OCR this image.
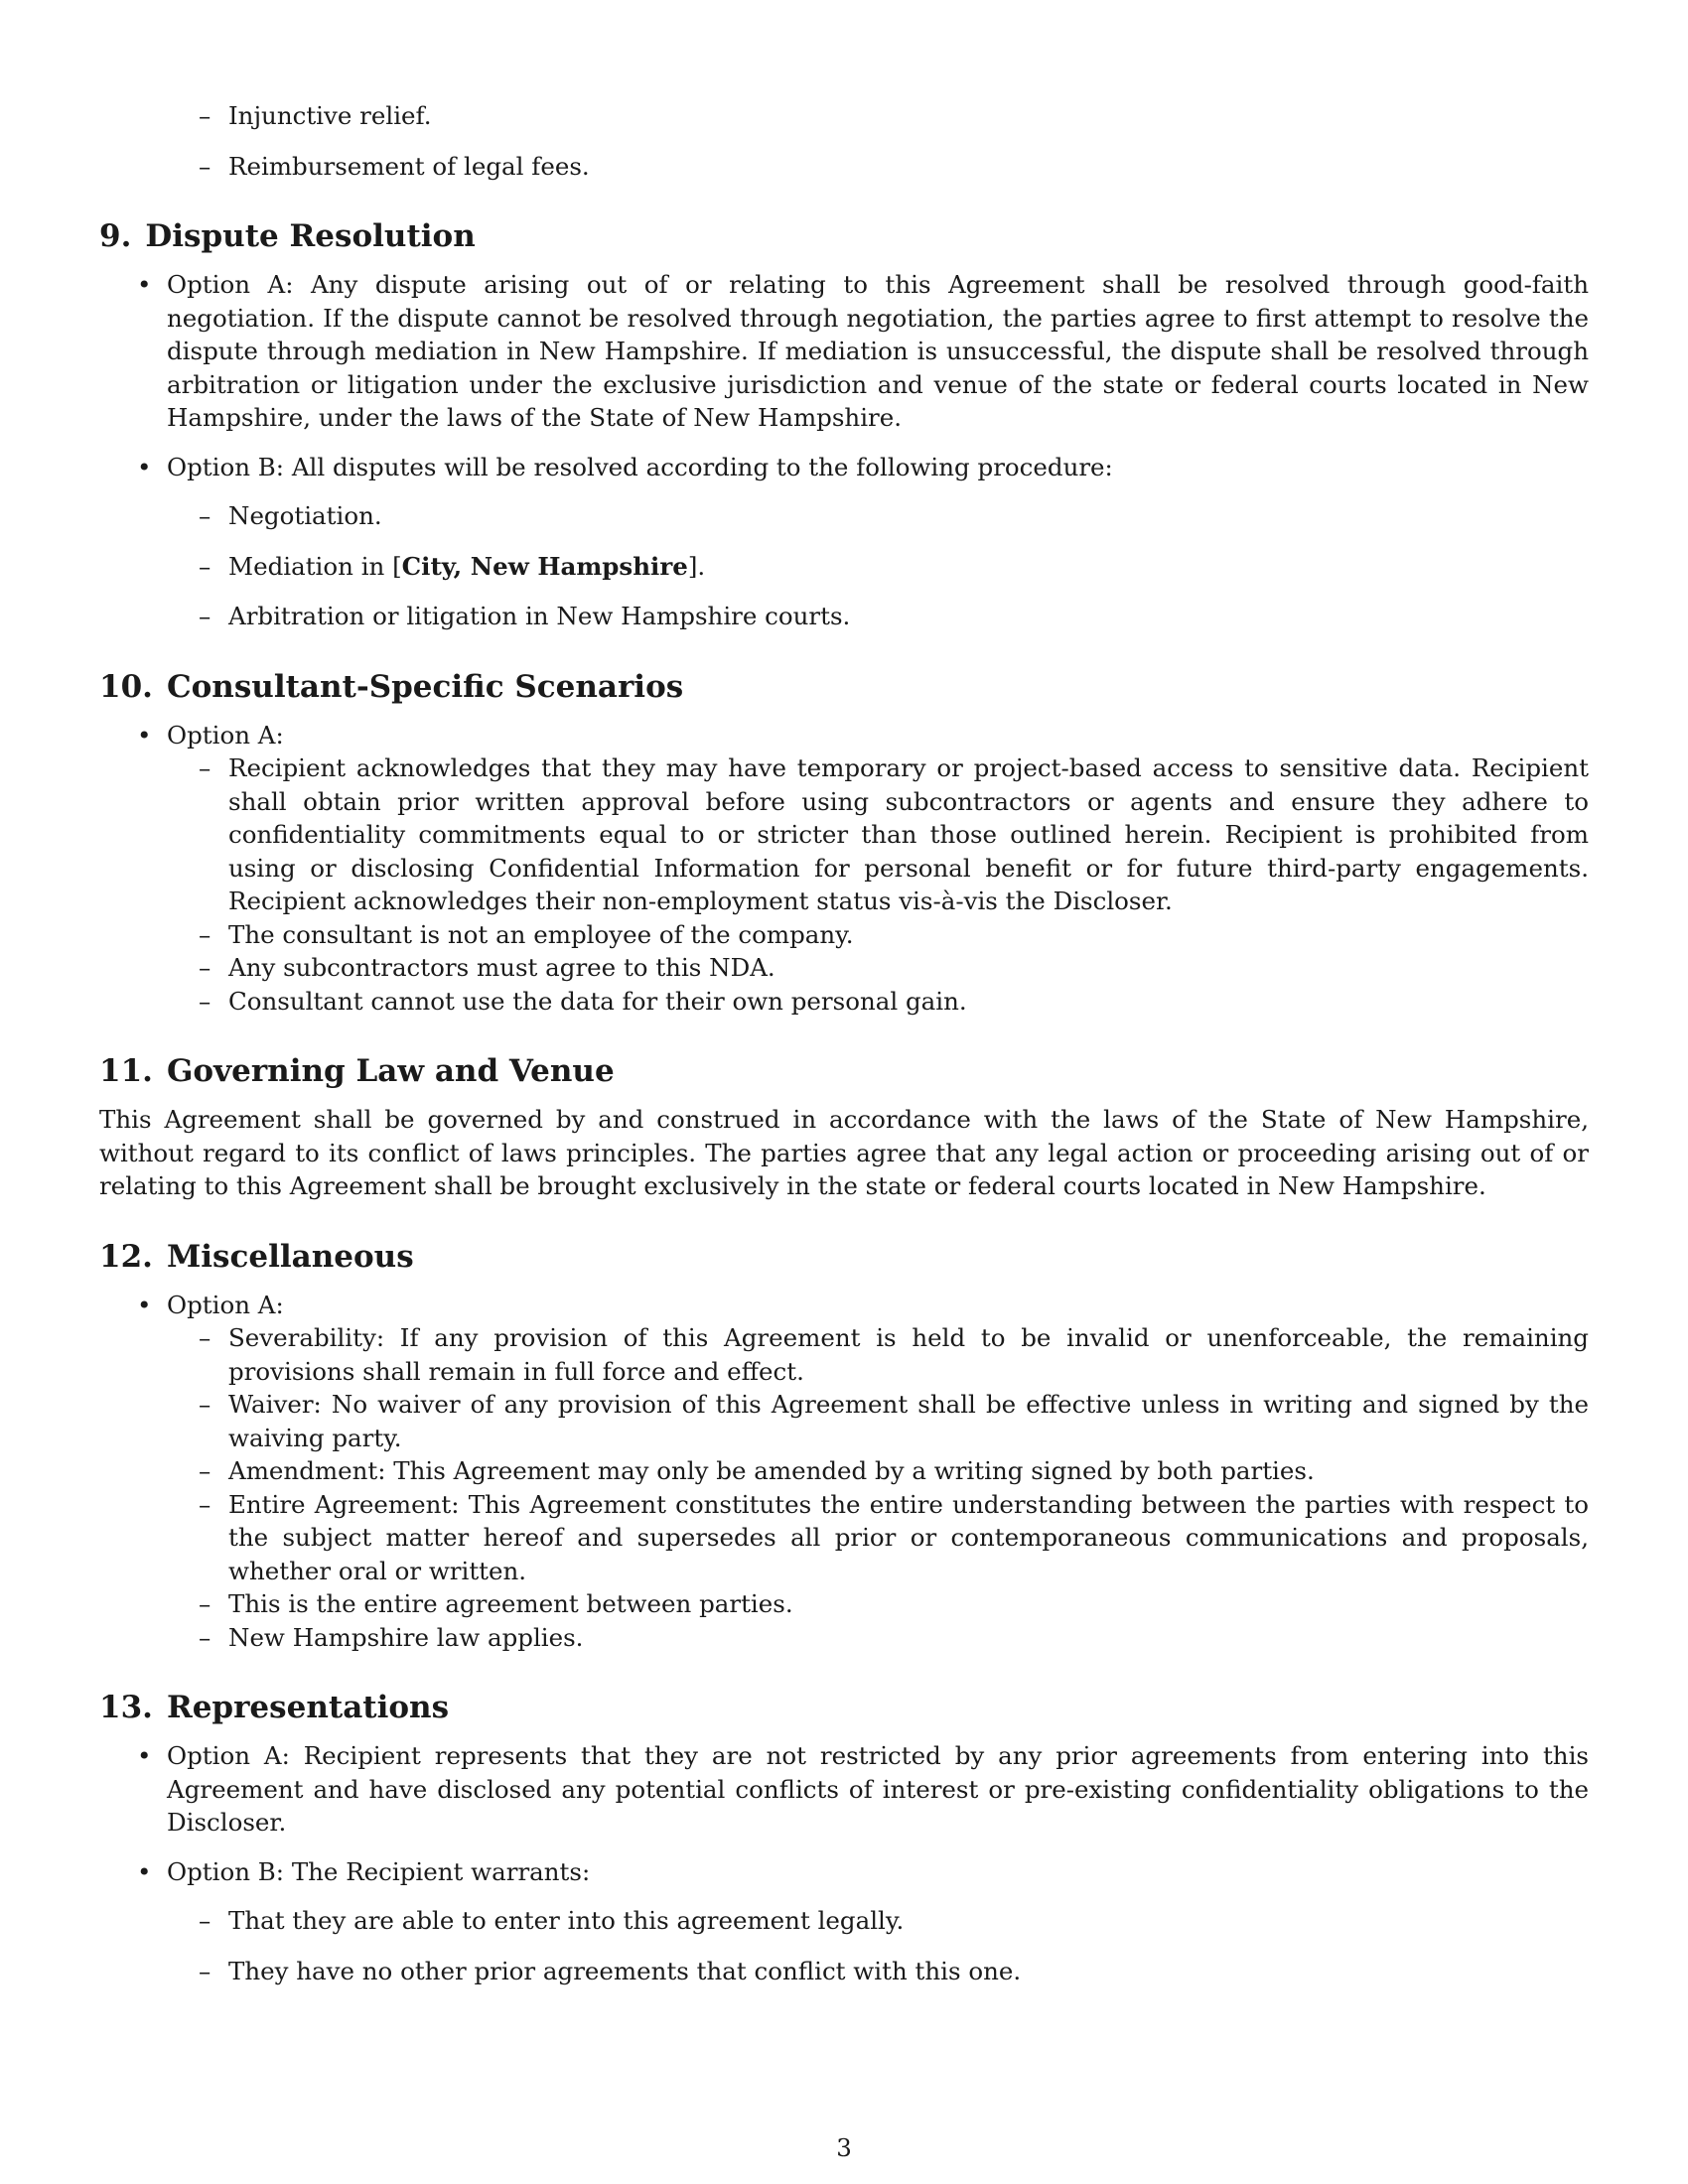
– Injunctive relief.
– Reimbursement of legal fees.
9. Dispute Resolution
• Option A: Any dispute arising out of or relating to this Agreement shall be resolved through good-faith negotiation. If the dispute cannot be resolved through negotiation, the parties agree to first attempt to resolve the dispute through mediation in New Hampshire. If mediation is unsuccessful, the dispute shall be resolved through arbitration or litigation under the exclusive jurisdiction and venue of the state or federal courts located in New Hampshire, under the laws of the State of New Hampshire.
• Option B: All disputes will be resolved according to the following procedure:
– Negotiation.
– Mediation in [City, New Hampshire].
– Arbitration or litigation in New Hampshire courts.
10. Consultant-Specific Scenarios
• Option A:
– Recipient acknowledges that they may have temporary or project-based access to sensitive data. Recipient shall obtain prior written approval before using subcontractors or agents and ensure they adhere to confidentiality commitments equal to or stricter than those outlined herein. Recipient is prohibited from using or disclosing Confidential Information for personal benefit or for future third-party engagements. Recipient acknowledges their non-employment status vis-à-vis the Discloser.
– The consultant is not an employee of the company.
– Any subcontractors must agree to this NDA.
– Consultant cannot use the data for their own personal gain.
11. Governing Law and Venue

This Agreement shall be governed by and construed in accordance with the laws of the State of New Hampshire, without regard to its conflict of laws principles. The parties agree that any legal action or proceeding arising out of or relating to this Agreement shall be brought exclusively in the state or federal courts located in New Hampshire.

12. Miscellaneous
• Option A:
– Severability: If any provision of this Agreement is held to be invalid or unenforceable, the remaining provisions shall remain in full force and effect.
– Waiver: No waiver of any provision of this Agreement shall be effective unless in writing and signed by the waiving party.
– Amendment: This Agreement may only be amended by a writing signed by both parties.
– Entire Agreement: This Agreement constitutes the entire understanding between the parties with respect to the subject matter hereof and supersedes all prior or contemporaneous communications and proposals, whether oral or written.
– This is the entire agreement between parties.
– New Hampshire law applies.
13. Representations
• Option A: Recipient represents that they are not restricted by any prior agreements from entering into this Agreement and have disclosed any potential conflicts of interest or pre-existing confidentiality obligations to the Discloser.
• Option B: The Recipient warrants:
– That they are able to enter into this agreement legally.
– They have no other prior agreements that conflict with this one.
3
